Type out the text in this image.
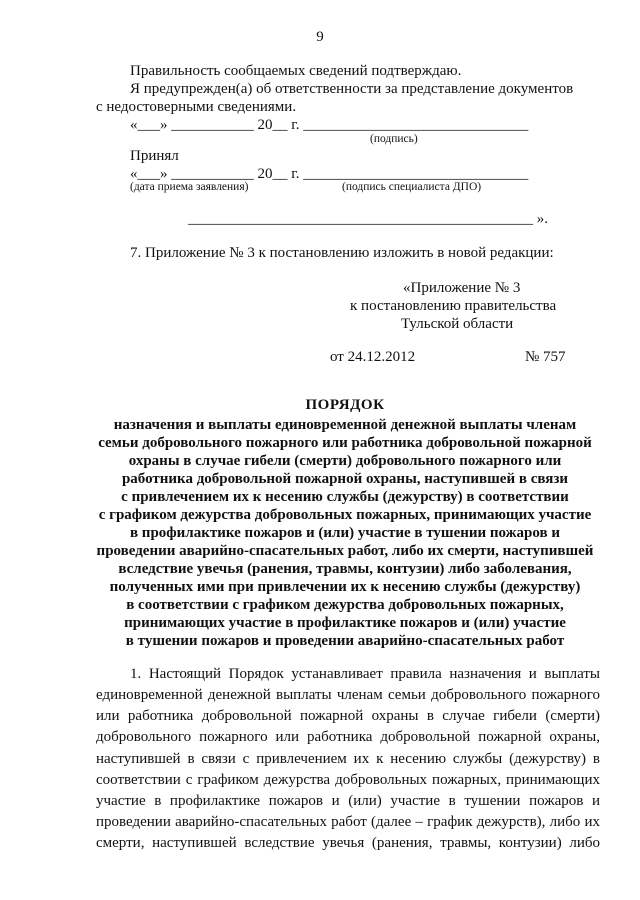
9
Правильность сообщаемых сведений подтверждаю.
Я предупрежден(а) об ответственности за представление документов
с недостоверными сведениями.
«___» ___________ 20__ г. ______________________________
(подпись)
Принял
«___» ___________ 20__ г. ______________________________
(дата приема заявления)	(подпись специалиста ДПО)
______________________________________________ ».
7. Приложение № 3 к постановлению изложить в новой редакции:
«Приложение № 3
к постановлению правительства
Тульской области
от 24.12.2012	№ 757
ПОРЯДОК
назначения и выплаты единовременной денежной выплаты членам
семьи добровольного пожарного или работника добровольной пожарной
охраны в случае гибели (смерти) добровольного пожарного или
работника добровольной пожарной охраны, наступившей в связи
с привлечением их к несению службы (дежурству) в соответствии
с графиком дежурства добровольных пожарных, принимающих участие
в профилактике пожаров и (или) участие в тушении пожаров и
проведении аварийно-спасательных работ, либо их смерти, наступившей
вследствие увечья (ранения, травмы, контузии) либо заболевания,
полученных ими при привлечении их к несению службы (дежурству)
в соответствии с графиком дежурства добровольных пожарных,
принимающих участие в профилактике пожаров и (или) участие
в тушении пожаров и проведении аварийно-спасательных работ
1. Настоящий Порядок устанавливает правила назначения и выплаты
единовременной денежной выплаты членам семьи добровольного пожарного
или работника добровольной пожарной охраны в случае гибели (смерти)
добровольного пожарного или работника добровольной пожарной охраны,
наступившей в связи с привлечением их к несению службы (дежурству) в
соответствии с графиком дежурства добровольных пожарных, принимающих
участие в профилактике пожаров и (или) участие в тушении пожаров и
проведении аварийно-спасательных работ (далее – график дежурств), либо их
смерти, наступившей вследствие увечья (ранения, травмы, контузии) либо
